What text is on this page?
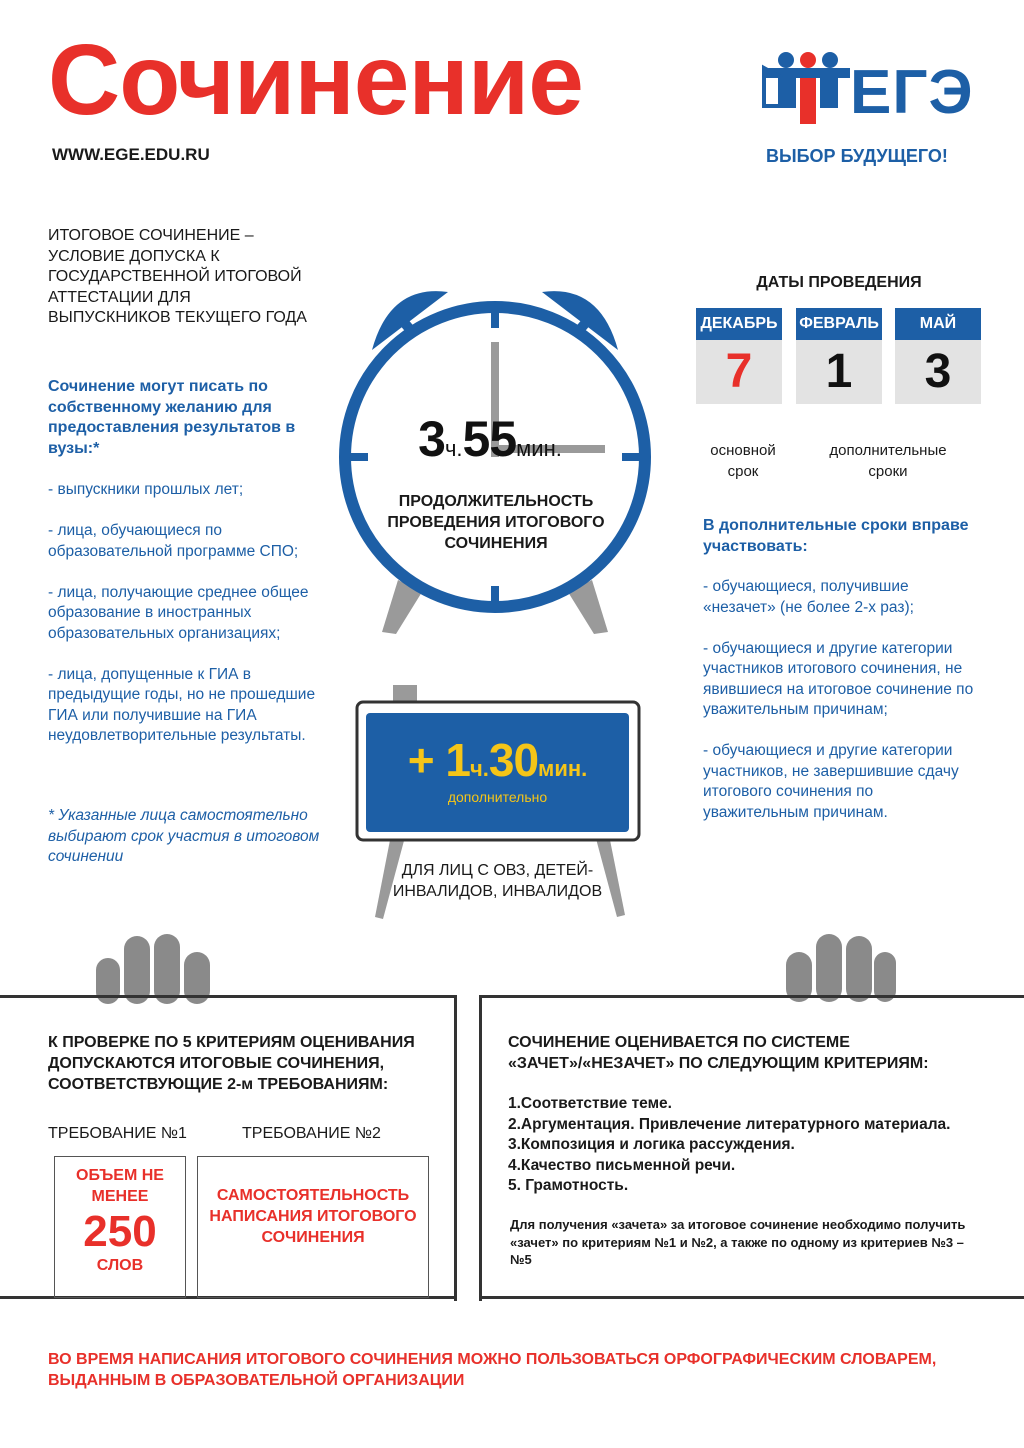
Сочинение
WWW.EGE.EDU.RU
ЕГЭ
ВЫБОР БУДУЩЕГО!
ИТОГОВОЕ СОЧИНЕНИЕ – УСЛОВИЕ ДОПУСКА К ГОСУДАРСТВЕННОЙ ИТОГОВОЙ АТТЕСТАЦИИ ДЛЯ ВЫПУСКНИКОВ ТЕКУЩЕГО ГОДА
Сочинение могут писать по собственному желанию для предоставления результатов в вузы:*

- выпускники прошлых лет;

- лица, обучающиеся по образовательной программе СПО;

- лица, получающие среднее общее образование в иностранных образовательных организациях;

- лица, допущенные к ГИА в предыдущие годы, но не прошедшие ГИА или получившие на ГИА неудовлетворительные результаты.

* Указанные лица самостоятельно выбирают срок участия в итоговом сочинении
3ч.55мин.
ПРОДОЛЖИТЕЛЬНОСТЬ ПРОВЕДЕНИЯ ИТОГОВОГО СОЧИНЕНИЯ
+ 1ч.30мин.
дополнительно
ДЛЯ ЛИЦ С ОВЗ, ДЕТЕЙ-ИНВАЛИДОВ, ИНВАЛИДОВ
ДАТЫ ПРОВЕДЕНИЯ
ДЕКАБРЬ
7
ФЕВРАЛЬ
1
МАЙ
3
основной срок
дополнительные сроки
В дополнительные сроки вправе участвовать:

- обучающиеся, получившие «незачет» (не более 2-х раз);

- обучающиеся и другие категории участников итогового сочинения, не явившиеся на итоговое сочинение по уважительным причинам;

- обучающиеся и другие категории участников, не завершившие сдачу итогового сочинения по уважительным причинам.

К ПРОВЕРКЕ ПО 5 КРИТЕРИЯМ ОЦЕНИВАНИЯ ДОПУСКАЮТСЯ ИТОГОВЫЕ СОЧИНЕНИЯ, СООТВЕТСТВУЮЩИЕ 2-м ТРЕБОВАНИЯМ:
ТРЕБОВАНИЕ №1	ТРЕБОВАНИЕ №2
ОБЪЕМ НЕ МЕНЕЕ
250
СЛОВ
САМОСТОЯТЕЛЬНОСТЬ НАПИСАНИЯ ИТОГОВОГО СОЧИНЕНИЯ
СОЧИНЕНИЕ ОЦЕНИВАЕТСЯ ПО СИСТЕМЕ «ЗАЧЕТ»/«НЕЗАЧЕТ» ПО СЛЕДУЮЩИМ КРИТЕРИЯМ:
1.Соответствие теме.
2.Аргументация. Привлечение литературного материала.
3.Композиция и логика рассуждения.
4.Качество письменной речи.
5. Грамотность.
Для получения «зачета» за итоговое сочинение необходимо получить «зачет» по критериям №1 и №2, а также по одному из критериев №3 – №5
ВО ВРЕМЯ НАПИСАНИЯ ИТОГОВОГО СОЧИНЕНИЯ МОЖНО ПОЛЬЗОВАТЬСЯ ОРФОГРАФИЧЕСКИМ СЛОВАРЕМ, ВЫДАННЫМ В ОБРАЗОВАТЕЛЬНОЙ ОРГАНИЗАЦИИ
